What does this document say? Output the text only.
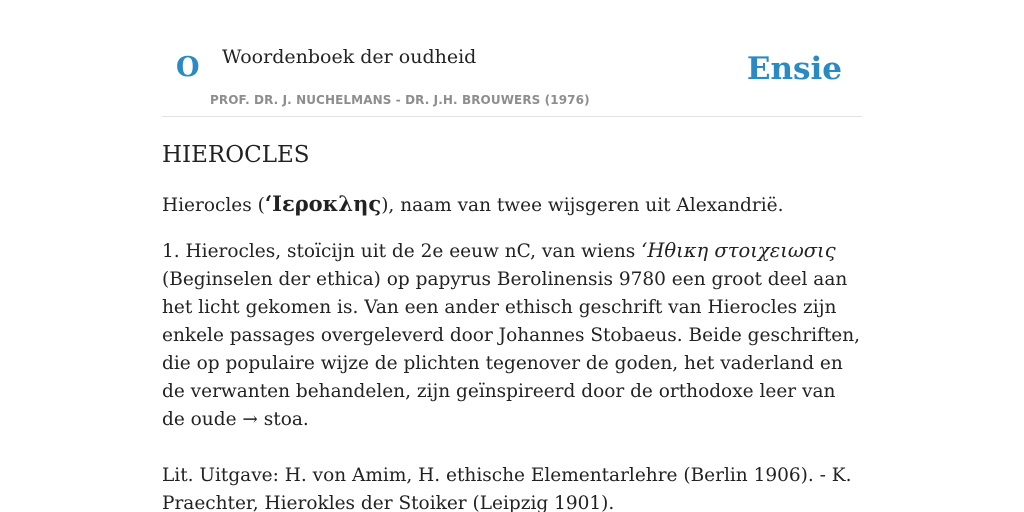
O Woordenboek der oudheid
PROF. DR. J. NUCHELMANS - DR. J.H. BROUWERS (1976)
Ensie
HIEROCLES

Hierocles (‘Ιεροκλης), naam van twee wijsgeren uit Alexandrië.

1. Hierocles, stoïcijn uit de 2e eeuw nC, van wiens ‘Ηθικη στοιχειωσις (Beginselen der ethica) op papyrus Berolinensis 9780 een groot deel aan het licht gekomen is. Van een ander ethisch geschrift van Hierocles zijn enkele passages overgeleverd door Johannes Stobaeus. Beide geschriften, die op populaire wijze de plichten tegenover de goden, het vaderland en de verwanten behandelen, zijn geïnspireerd door de orthodoxe leer van de oude → stoa.

Lit. Uitgave: H. von Amim, H. ethische Elementarlehre (Berlin 1906). - K. Praechter, Hierokles der Stoiker (Leipzig 1901).
